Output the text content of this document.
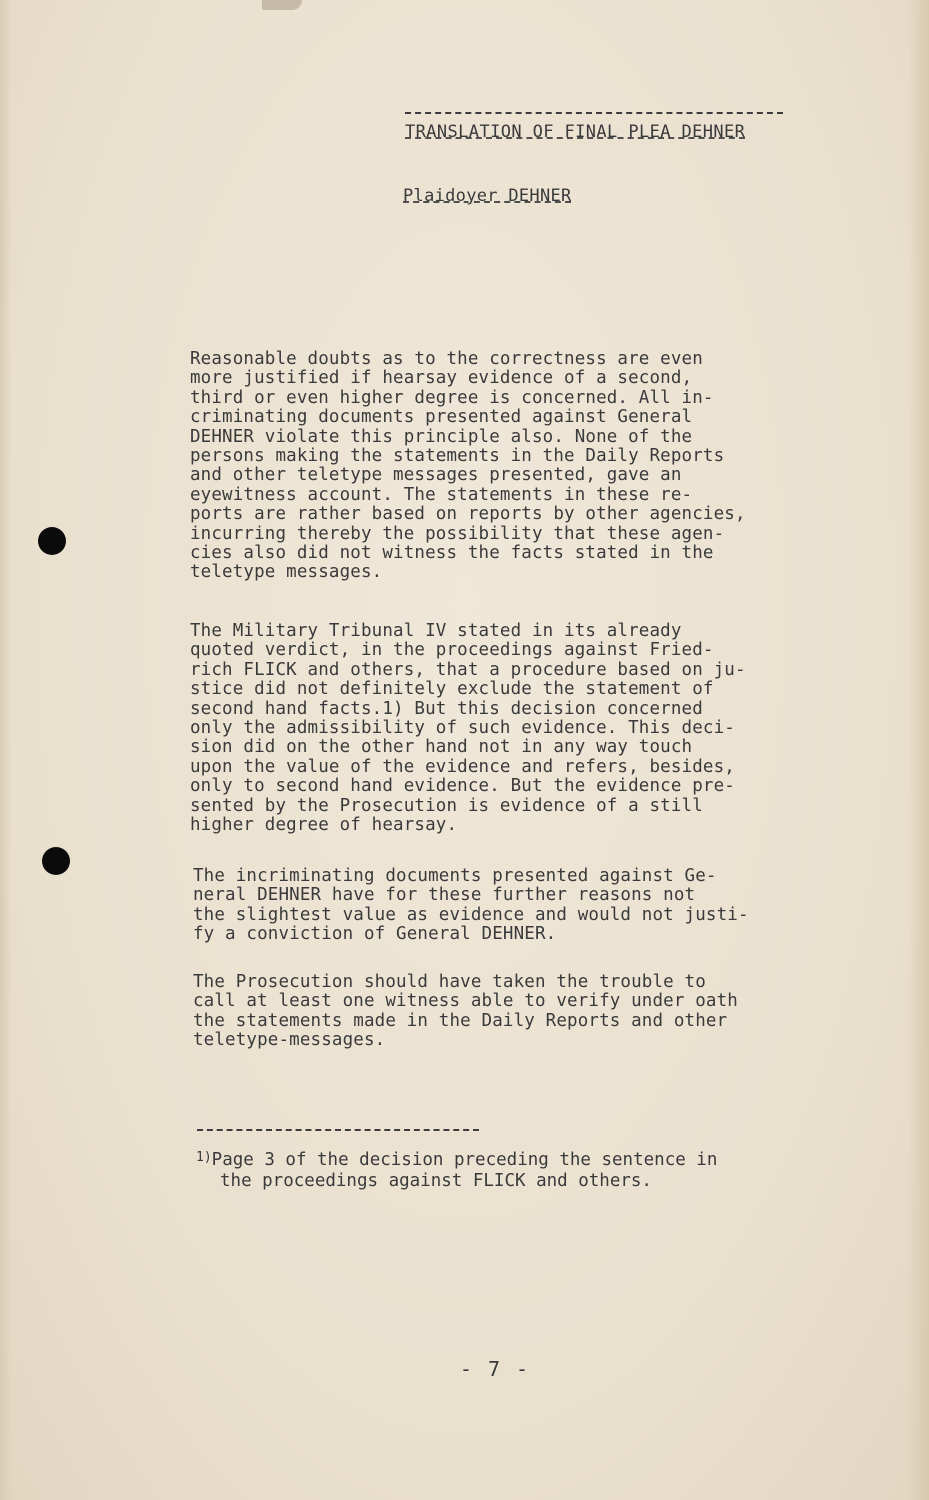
TRANSLATION OF FINAL PLEA DEHNER
Plaidoyer DEHNER

Reasonable doubts as to the correctness are even
more justified if hearsay evidence of a second,
third or even higher degree is concerned. All in-
criminating documents presented against General
DEHNER violate this principle also. None of the
persons making the statements in the Daily Reports
and other teletype messages presented, gave an
eyewitness account. The statements in these re-
ports are rather based on reports by other agencies,
incurring thereby the possibility that these agen-
cies also did not witness the facts stated in the
teletype messages.

The Military Tribunal IV stated in its already
quoted verdict, in the proceedings against Fried-
rich FLICK and others, that a procedure based on ju-
stice did not definitely exclude the statement of
second hand facts.1) But this decision concerned
only the admissibility of such evidence. This deci-
sion did on the other hand not in any way touch
upon the value of the evidence and refers, besides,
only to second hand evidence. But the evidence pre-
sented by the Prosecution is evidence of a still
higher degree of hearsay.

The incriminating documents presented against Ge-
neral DEHNER have for these further reasons not
the slightest value as evidence and would not justi-
fy a conviction of General DEHNER.

The Prosecution should have taken the trouble to
call at least one witness able to verify under oath
the statements made in the Daily Reports and other
teletype-messages.

$^{1)}$Page 3 of the decision preceding the sentence in
the proceedings against FLICK and others.
- 7 -
